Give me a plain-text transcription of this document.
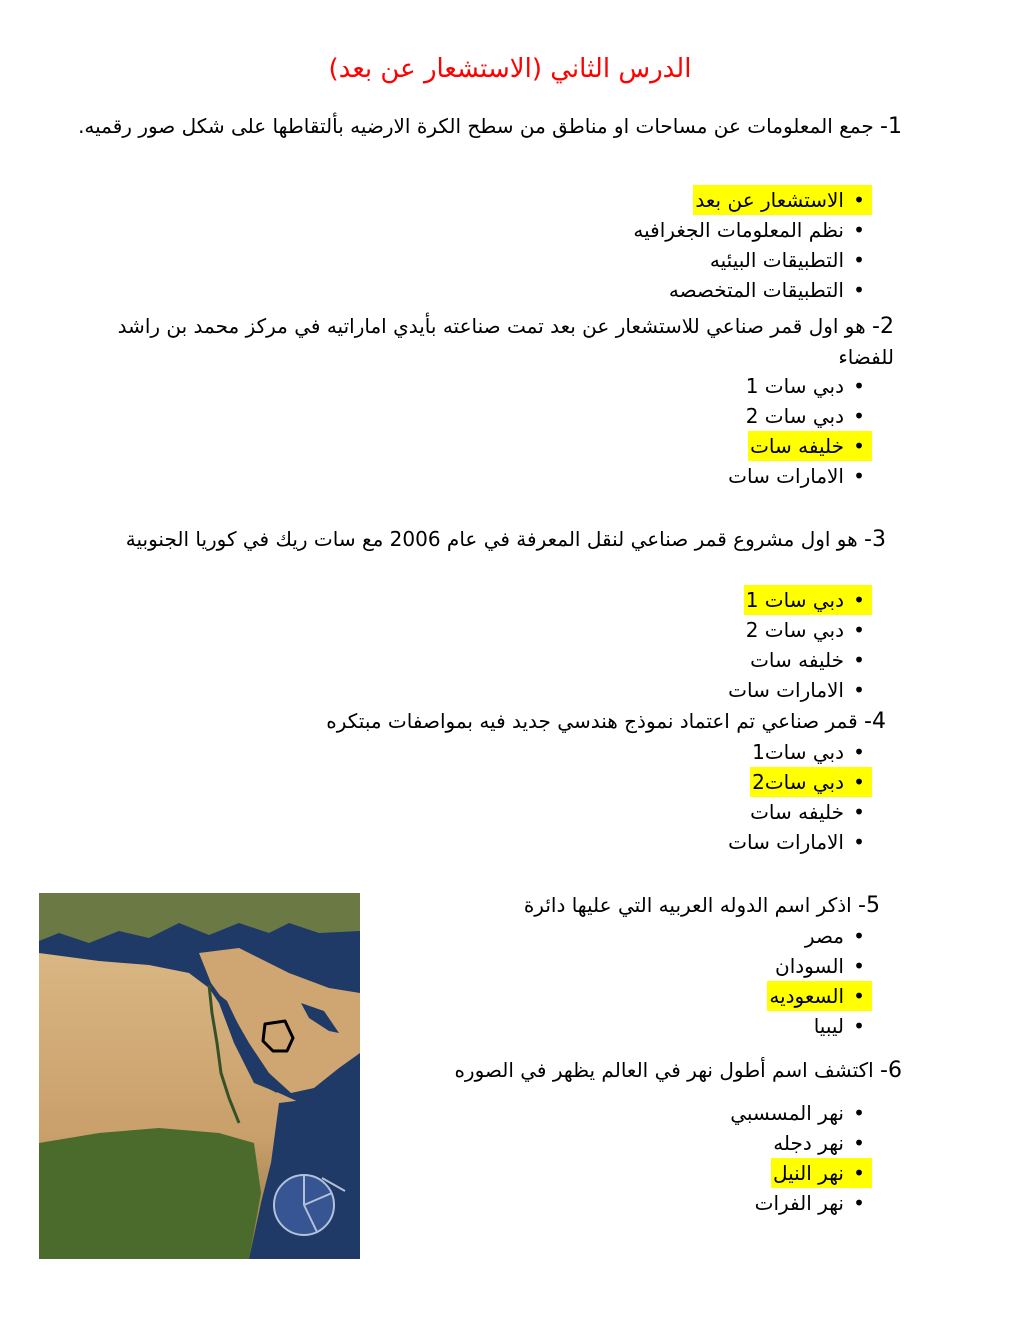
الدرس الثاني (الاستشعار عن بعد)
1- جمع المعلومات عن مساحات او مناطق من سطح الكرة الارضيه بألتقاطها على شكل صور رقميه.
•الاستشعار عن بعد
•نظم المعلومات الجغرافيه
•التطبيقات البيئيه
•التطبيقات المتخصصه
2- هو اول قمر صناعي للاستشعار عن بعد تمت صناعته بأيدي اماراتيه في مركز محمد بن راشد للفضاء
•دبي سات 1
•دبي سات 2
•خليفه سات
•الامارات سات
3- هو اول مشروع قمر صناعي لنقل المعرفة في عام 2006 مع سات ريك في كوريا الجنوبية
•دبي سات 1
•دبي سات 2
•خليفه سات
•الامارات سات
4- قمر صناعي تم اعتماد نموذج هندسي جديد فيه بمواصفات مبتكره
•دبي سات1
•دبي سات2
•خليفه سات
•الامارات سات
5- اذكر اسم الدوله العربيه التي عليها دائرة
•مصر
•السودان
•السعوديه
•ليبيا
6- اكتشف اسم أطول نهر في العالم يظهر في الصوره
•نهر المسسبي
•نهر دجله
•نهر النيل
•نهر الفرات
